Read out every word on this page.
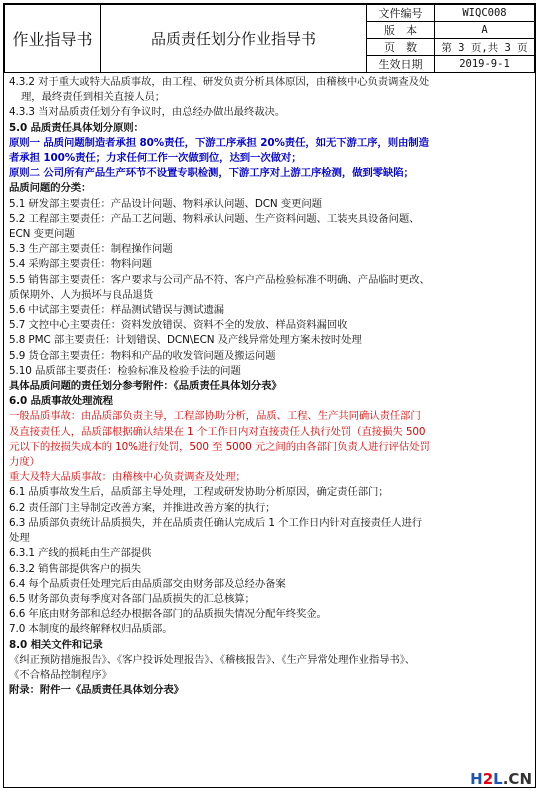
作业指导书	品质责任划分作业指导书	文件编号	WIQC008
		版　本	A
		页　数	第 3 页,共 3 页
		生效日期	2019-9-1

4.3.2 对于重大或特大品质事故，由工程、研发负责分析具体原因，由稽核中心负责调查及处

理，最终责任到相关直接人员；

4.3.3 当对品质责任划分有争议时，由总经办做出最终裁决。

5.0 品质责任具体划分原则：

原则一 品质问题制造者承担 80%责任，下游工序承担 20%责任，如无下游工序，则由制造

者承担 100%责任；力求任何工作一次做到位，达到一次做对；

原则二 公司所有产品生产环节不设置专职检测，下游工序对上游工序检测，做到零缺陷；

品质问题的分类：

5.1 研发部主要责任：产品设计问题、物料承认问题、DCN 变更问题

5.2 工程部主要责任：产品工艺问题、物料承认问题、生产资料问题、工装夹具设备问题、

ECN 变更问题

5.3 生产部主要责任：制程操作问题

5.4 采购部主要责任：物料问题

5.5 销售部主要责任：客户要求与公司产品不符、客户产品检验标准不明确、产品临时更改、

质保期外、人为损坏与良品退货

5.6 中试部主要责任：样品测试错误与测试遗漏

5.7 文控中心主要责任：资料发放错误、资料不全的发放、样品资料漏回收

5.8 PMC 部主要责任：计划错误、DCN\ECN 及产线异常处理方案未按时处理

5.9 货仓部主要责任：物料和产品的收发管问题及搬运问题

5.10 品质部主要责任：检验标准及检验手法的问题

具体品质问题的责任划分参考附件：《品质责任具体划分表》

6.0 品质事故处理流程

一般品质事故：由品质部负责主导，工程部协助分析，品质、工程、生产共同确认责任部门

及直接责任人，品质部根据确认结果在 1 个工作日内对直接责任人执行处罚（直接损失 500

元以下的按损失成本的 10%进行处罚，500 至 5000 元之间的由各部门负责人进行评估处罚

力度）

重大及特大品质事故：由稽核中心负责调查及处理；

6.1 品质事故发生后，品质部主导处理，工程或研发协助分析原因，确定责任部门；

6.2 责任部门主导制定改善方案，并推进改善方案的执行；

6.3 品质部负责统计品质损失，并在品质责任确认完成后 1 个工作日内针对直接责任人进行

处理

6.3.1 产线的损耗由生产部提供

6.3.2 销售部提供客户的损失

6.4 每个品质责任处理完后由品质部交由财务部及总经办备案

6.5 财务部负责每季度对各部门品质损失的汇总核算；

6.6 年底由财务部和总经办根据各部门的品质损失情况分配年终奖金。

7.0 本制度的最终解释权归品质部。

8.0 相关文件和记录

《纠正预防措施报告》、《客户投诉处理报告》、《稽核报告》、《生产异常处理作业指导书》、

《不合格品控制程序》

附录：附件一《品质责任具体划分表》

H2L.CN
